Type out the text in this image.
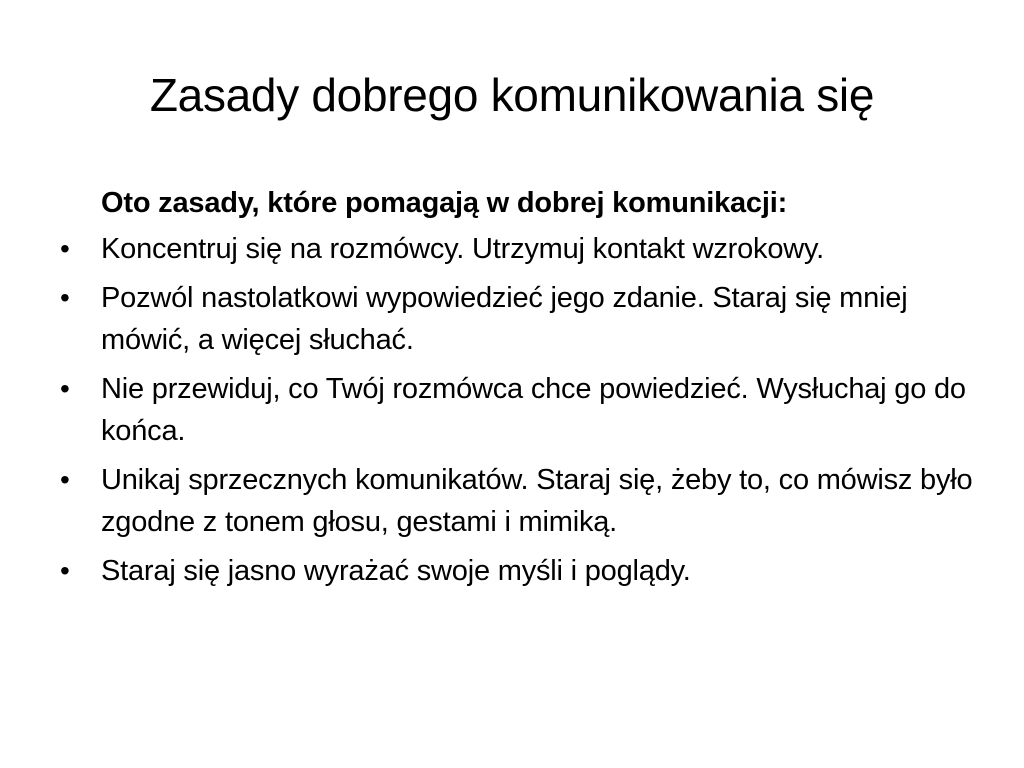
Zasady dobrego komunikowania się

Oto zasady, które pomagają w dobrej komunikacji:

•	Koncentruj się na rozmówcy. Utrzymuj kontakt wzrokowy.
•	Pozwól nastolatkowi wypowiedzieć jego zdanie. Staraj się mniej mówić, a więcej słuchać.
•	Nie przewiduj, co Twój rozmówca chce powiedzieć. Wysłuchaj go do końca.
•	Unikaj sprzecznych komunikatów. Staraj się, żeby to, co mówisz było zgodne z tonem głosu, gestami i mimiką.
•	Staraj się jasno wyrażać swoje myśli i poglądy.
